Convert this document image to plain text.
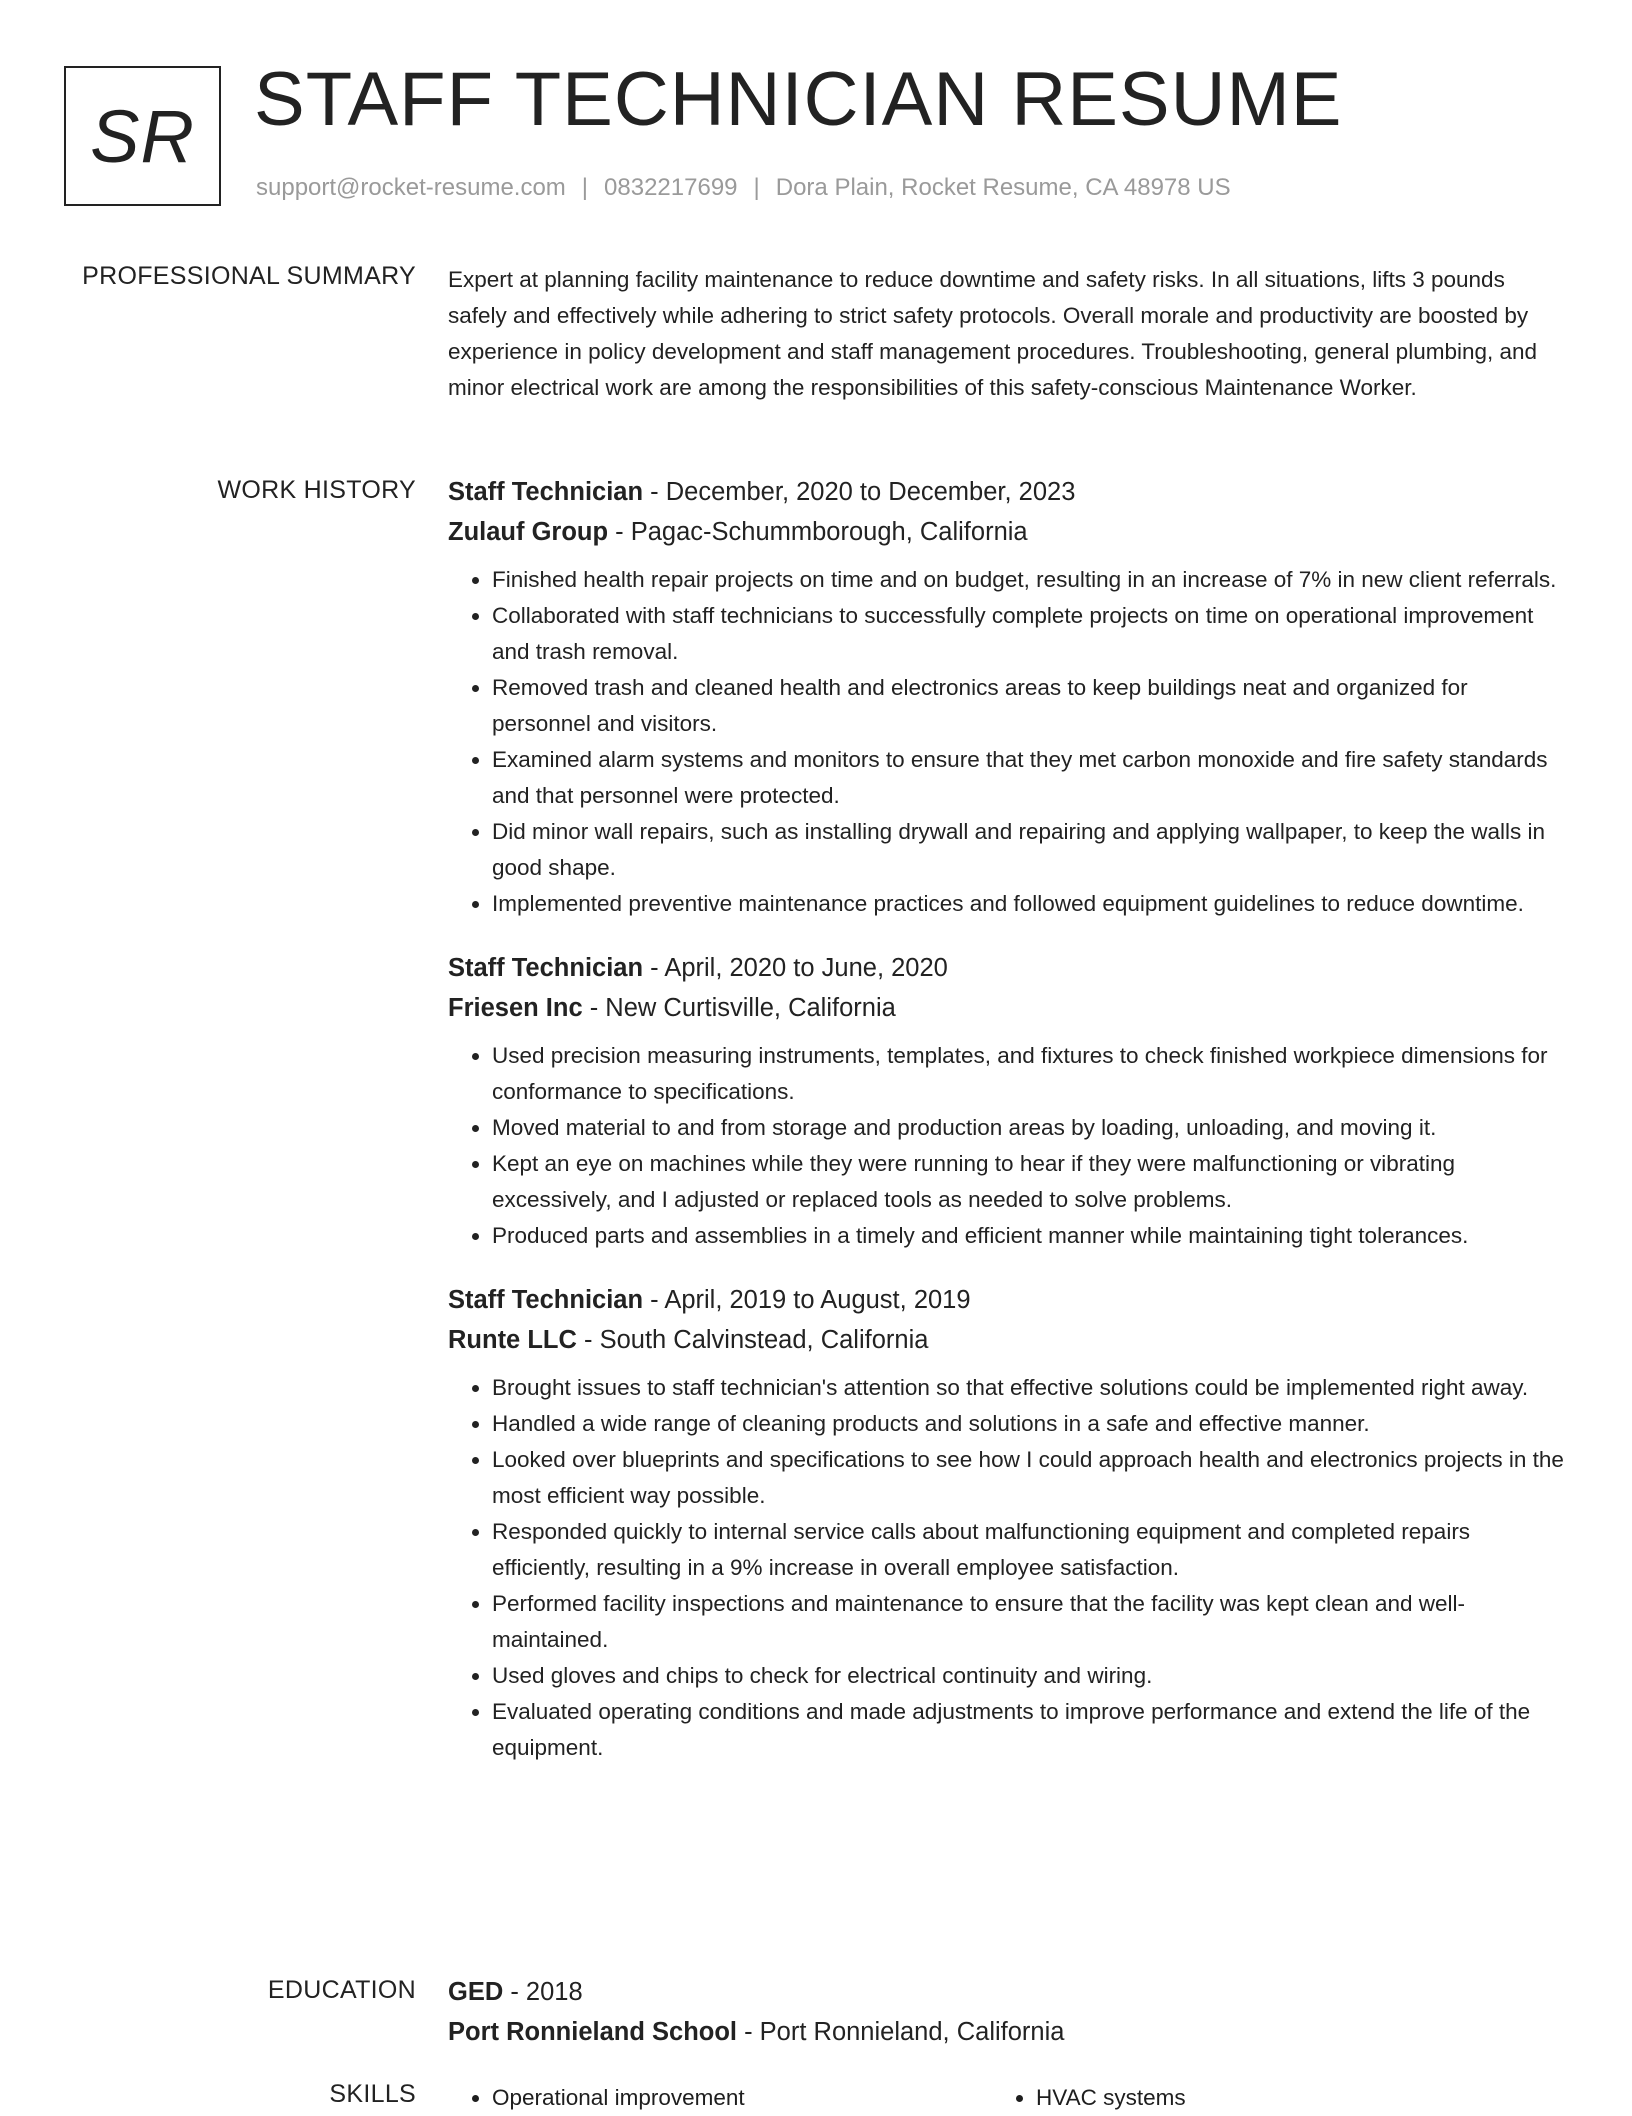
SR STAFF TECHNICIAN RESUME
support@rocket-resume.com | 0832217699 | Dora Plain, Rocket Resume, CA 48978 US
PROFESSIONAL SUMMARY Expert at planning facility maintenance to reduce downtime and safety risks. In all situations, lifts 3 pounds safely and effectively while adhering to strict safety protocols. Overall morale and productivity are boosted by experience in policy development and staff management procedures. Troubleshooting, general plumbing, and minor electrical work are among the responsibilities of this safety-conscious Maintenance Worker.

WORK HISTORY Staff Technician - December, 2020 to December, 2023
Zulauf Group - Pagac-Schummborough, California
• Finished health repair projects on time and on budget, resulting in an increase of 7% in new client referrals.
• Collaborated with staff technicians to successfully complete projects on time on operational improvement and trash removal.
• Removed trash and cleaned health and electronics areas to keep buildings neat and organized for personnel and visitors.
• Examined alarm systems and monitors to ensure that they met carbon monoxide and fire safety standards and that personnel were protected.
• Did minor wall repairs, such as installing drywall and repairing and applying wallpaper, to keep the walls in good shape.
• Implemented preventive maintenance practices and followed equipment guidelines to reduce downtime.
Staff Technician - April, 2020 to June, 2020
Friesen Inc - New Curtisville, California
• Used precision measuring instruments, templates, and fixtures to check finished workpiece dimensions for conformance to specifications.
• Moved material to and from storage and production areas by loading, unloading, and moving it.
• Kept an eye on machines while they were running to hear if they were malfunctioning or vibrating excessively, and I adjusted or replaced tools as needed to solve problems.
• Produced parts and assemblies in a timely and efficient manner while maintaining tight tolerances.
Staff Technician - April, 2019 to August, 2019
Runte LLC - South Calvinstead, California
• Brought issues to staff technician's attention so that effective solutions could be implemented right away.
• Handled a wide range of cleaning products and solutions in a safe and effective manner.
• Looked over blueprints and specifications to see how I could approach health and electronics projects in the most efficient way possible.
• Responded quickly to internal service calls about malfunctioning equipment and completed repairs efficiently, resulting in a 9% increase in overall employee satisfaction.
• Performed facility inspections and maintenance to ensure that the facility was kept clean and well-maintained.
• Used gloves and chips to check for electrical continuity and wiring.
• Evaluated operating conditions and made adjustments to improve performance and extend the life of the equipment.
EDUCATION GED - 2018
Port Ronnieland School - Port Ronnieland, California
SKILLS	• Operational improvement	• HVAC systems
